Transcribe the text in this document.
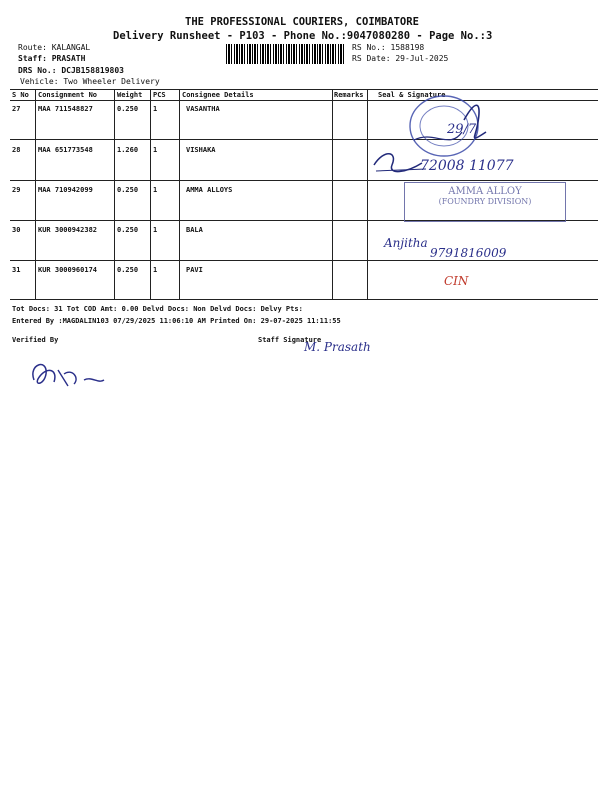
THE PROFESSIONAL COURIERS, COIMBATORE
Delivery Runsheet - P103 - Phone No.:9047080280 - Page No.:3
Route: KALANGAL
Staff: PRASATH
DRS No.: DCJB158819803
Vehicle: Two Wheeler Delivery
RS No.: 1588198
RS Date: 29-Jul-2025
S No Consignment No	Weight PCS Consignee Details	Remarks Seal & Signature
27	MAA 711548827	0.250 1	VASANTHA
28	MAA 651773548	1.260 1	VISHAKA
29	MAA 710942099	0.250 1	AMMA ALLOYS
30	KUR 3000942382	0.250 1	BALA
31	KUR 3000960174	0.250 1	PAVI
29/7
72008 11077
AMMA ALLOY
(FOUNDRY DIVISION)
Anjitha
9791816009
CIN
Tot Docs: 31 Tot COD Amt: 0.00 Delvd Docs: Non Delvd Docs: Delvy Pts:
Entered By :MAGDALIN103 07/29/2025 11:06:10 AM Printed On: 29-07-2025 11:11:55
Verified By	Staff Signature
M. Prasath
